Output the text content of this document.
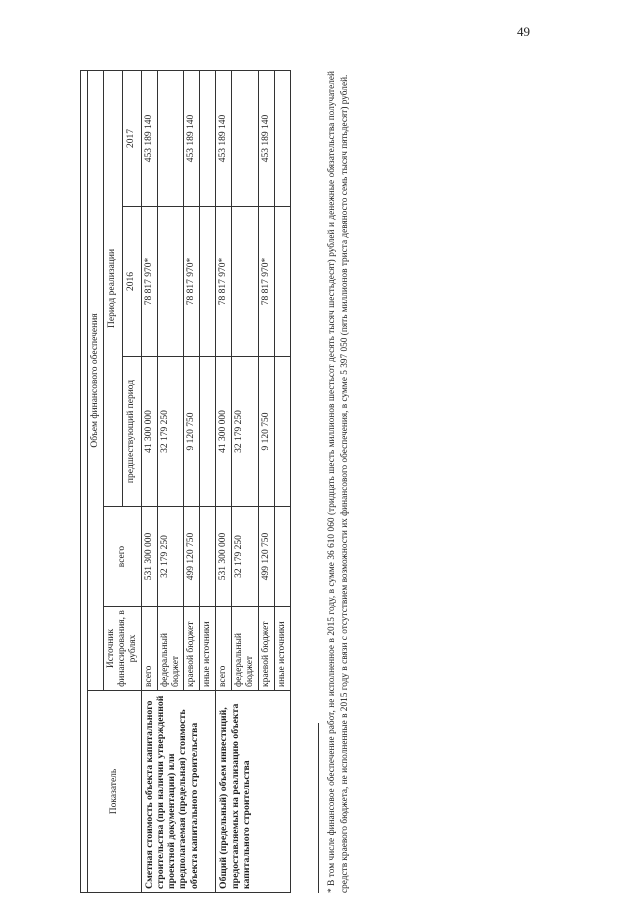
49

Показатель	Объем финансового обеспечения				
	Источник финансирования, в рублях	всего	Период реализации		
			предшествующий период	2016	2017
Сметная стоимость объекта капитального строительства (при наличии утвержденной проектной документации) или предполагаемая (предельная) стоимость объекта капитального строительства	всего	531 300 000	41 300 000	78 817 970*	453 189 140
	федеральный бюджет	32 179 250	32 179 250		
	краевой бюджет	499 120 750	9 120 750	78 817 970*	453 189 140
	иные источники				
Общий (предельный) объем инвестиций, предоставляемых на реализацию объекта капитального строительства	всего	531 300 000	41 300 000	78 817 970*	453 189 140
	федеральный бюджет	32 179 250	32 179 250		
	краевой бюджет	499 120 750	9 120 750	78 817 970*	453 189 140
	иные источники					* В том числе финансовое обеспечение работ, не исполненное в 2015 году, в сумме 36 610 060 (тридцать шесть миллионов шестьсот десять тысяч шестьдесят) рублей и денежные обязательства получателей средств краевого бюджета, не исполненные в 2015 году в связи с отсутствием возможности их финансового обеспечения, в сумме 5 397 050 (пять миллионов триста девяносто семь тысяч пятьдесят) рублей.
